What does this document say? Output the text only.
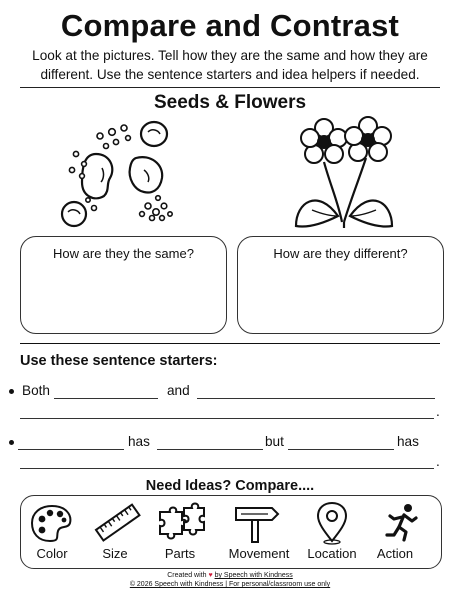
Compare and Contrast
Look at the pictures. Tell how they are the same and how they are different. Use the sentence starters and idea helpers if needed.
Seeds & Flowers
How are they the same?	How are they different?
Use these sentence starters:
Both	and
.
has	but	has
.
Need Ideas? Compare....
Color	Size	Parts	Movement	Location	Action
Created with ♥ by Speech with Kindness
© 2026 Speech with Kindness | For personal/classroom use only
